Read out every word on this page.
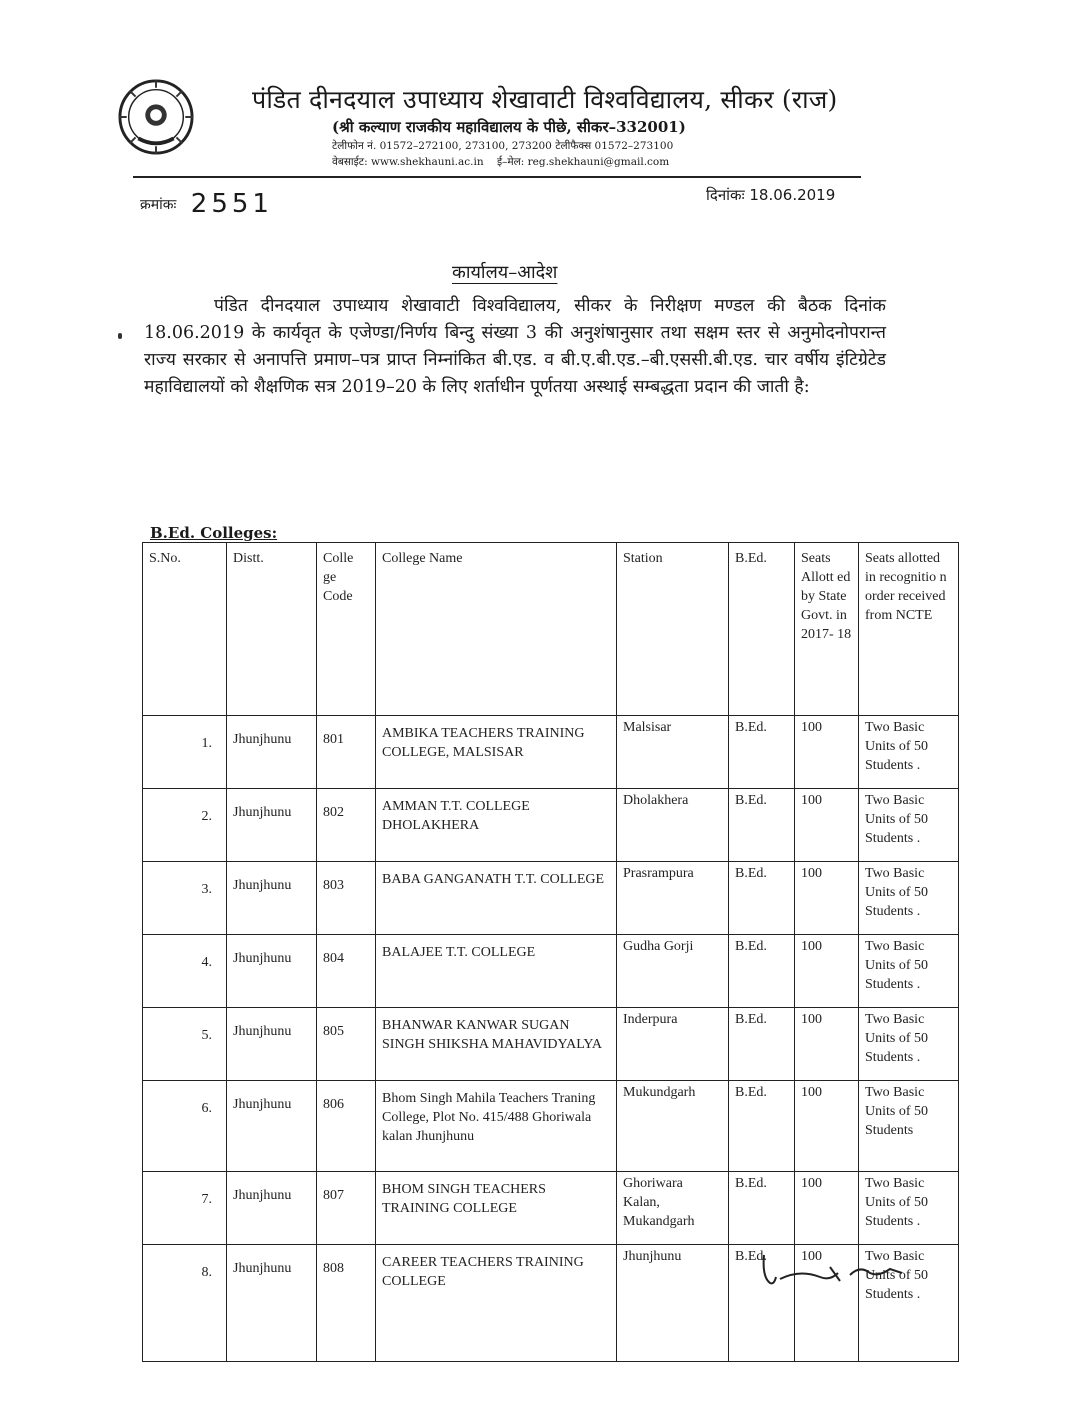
पंडित दीनदयाल उपाध्याय शेखावाटी विश्वविद्यालय, सीकर (राज)
(श्री कल्याण राजकीय महाविद्यालय के पीछे, सीकर–332001)
टेलीफोन नं. 01572–272100, 273100, 273200 टेलीफैक्स 01572–273100
वेबसाईट: www.shekhauni.ac.in ई–मेल: reg.shekhauni@gmail.com
क्रमांकः 2551	दिनांकः 18.06.2019
कार्यालय–आदेश
पंडित दीनदयाल उपाध्याय शेखावाटी विश्वविद्यालय, सीकर के निरीक्षण मण्डल की बैठक दिनांक 18.06.2019 के कार्यवृत के एजेण्डा/निर्णय बिन्दु संख्या 3 की अनुशंषानुसार तथा सक्षम स्तर से अनुमोदनोपरान्त राज्य सरकार से अनापत्ति प्रमाण–पत्र प्राप्त निम्नांकित बी.एड. व बी.ए.बी.एड.–बी.एससी.बी.एड. चार वर्षीय इंटिग्रेटेड महाविद्यालयों को शैक्षणिक सत्र 2019–20 के लिए शर्ताधीन पूर्णतया अस्थाई सम्बद्धता प्रदान की जाती है:
B.Ed. Colleges:
S.No.	Distt.	Colle ge Code	College Name	Station	B.Ed.	Seats Allott ed by State Govt. in 2017- 18	Seats allotted in recognitio n order received from NCTE
1.	Jhunjhunu	801	AMBIKA TEACHERS TRAINING COLLEGE, MALSISAR	Malsisar	B.Ed.	100	Two Basic Units of 50 Students .
2.	Jhunjhunu	802	AMMAN T.T. COLLEGE DHOLAKHERA	Dholakhera	B.Ed.	100	Two Basic Units of 50 Students .
3.	Jhunjhunu	803	BABA GANGANATH T.T. COLLEGE	Prasrampura	B.Ed.	100	Two Basic Units of 50 Students .
4.	Jhunjhunu	804	BALAJEE T.T. COLLEGE	Gudha Gorji	B.Ed.	100	Two Basic Units of 50 Students .
5.	Jhunjhunu	805	BHANWAR KANWAR SUGAN SINGH SHIKSHA MAHAVIDYALYA	Inderpura	B.Ed.	100	Two Basic Units of 50 Students .
6.	Jhunjhunu	806	Bhom Singh Mahila Teachers Traning College, Plot No. 415/488 Ghoriwala kalan Jhunjhunu	Mukundgarh	B.Ed.	100	Two Basic Units of 50 Students
7.	Jhunjhunu	807	BHOM SINGH TEACHERS TRAINING COLLEGE	Ghoriwara Kalan, Mukandgarh	B.Ed.	100	Two Basic Units of 50 Students .
8.	Jhunjhunu	808	CAREER TEACHERS TRAINING COLLEGE	Jhunjhunu	B.Ed.	100	Two Basic Units of 50 Students .
